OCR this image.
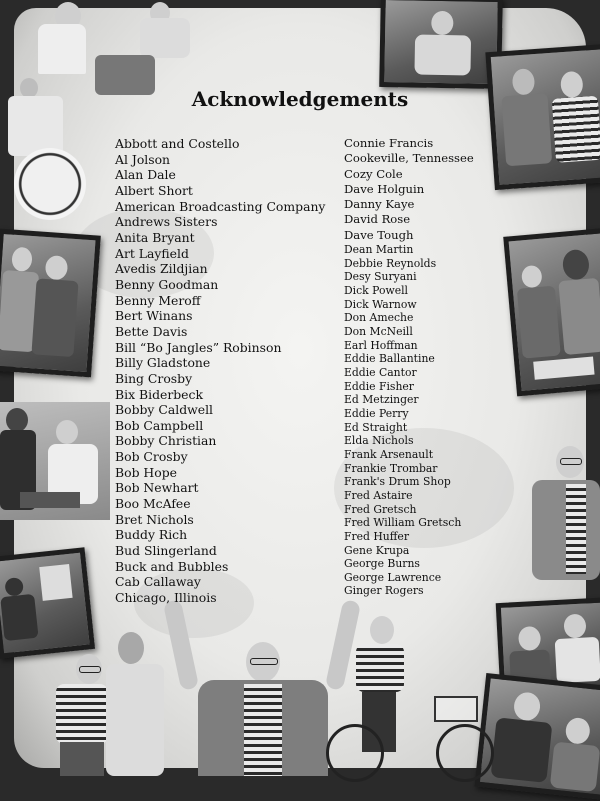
Acknowledgements
Abbott and Costello
Al Jolson
Alan Dale
Albert Short
American Broadcasting Company
Andrews Sisters
Anita Bryant
Art Layfield
Avedis Zildjian
Benny Goodman
Benny Meroff
Bert Winans
Bette Davis
Bill “Bo Jangles” Robinson
Billy Gladstone
Bing Crosby
Bix Biderbeck
Bobby Caldwell
Bob Campbell
Bobby Christian
Bob Crosby
Bob Hope
Bob Newhart
Boo McAfee
Bret Nichols
Buddy Rich
Bud Slingerland
Buck and Bubbles
Cab Callaway
Chicago, Illinois
Connie Francis
Cookeville, Tennessee
Cozy Cole
Dave Holguin
Danny Kaye
David Rose
Dave Tough
Dean Martin
Debbie Reynolds
Desy Suryani
Dick Powell
Dick Warnow
Don Ameche
Don McNeill
Earl Hoffman
Eddie Ballantine
Eddie Cantor
Eddie Fisher
Ed Metzinger
Eddie Perry
Ed Straight
Elda Nichols
Frank Arsenault
Frankie Trombar
Frank's Drum Shop
Fred Astaire
Fred Gretsch
Fred William Gretsch
Fred Huffer
Gene Krupa
George Burns
George Lawrence
Ginger Rogers
